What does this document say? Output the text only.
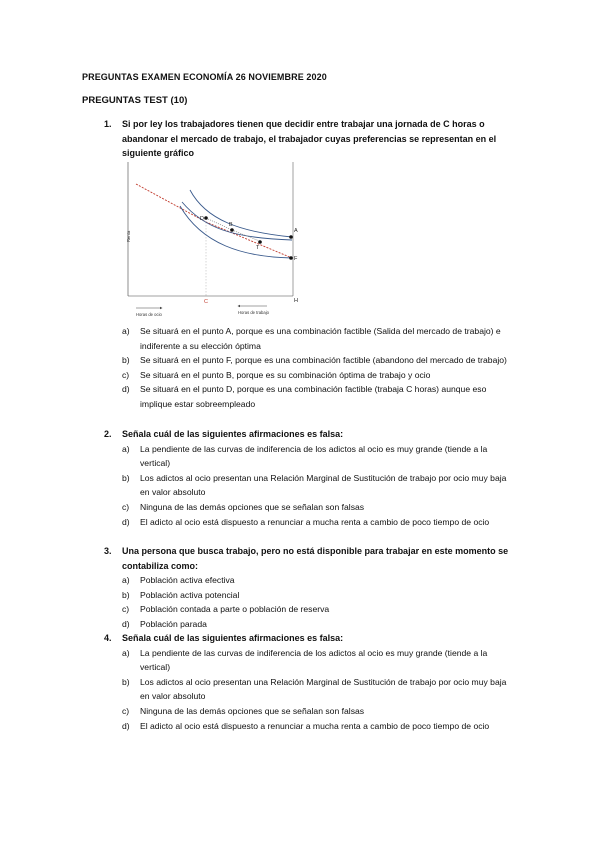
PREGUNTAS EXAMEN ECONOMÍA 26 NOVIEMBRE 2020
PREGUNTAS TEST (10)
1. Si por ley los trabajadores tienen que decidir entre trabajar una jornada de C horas o abandonar el mercado de trabajo, el trabajador cuyas preferencias se representan en el siguiente gráfico
Renta
D
B
T
A
F
C	H
Horas de ocio	Horas de trabajo
a) Se situará en el punto A, porque es una combinación factible (Salida del mercado de trabajo) e indiferente a su elección óptima
b) Se situará en el punto F, porque es una combinación factible (abandono del mercado de trabajo)
c) Se situará en el punto B, porque es su combinación óptima de trabajo y ocio
d) Se situará en el punto D, porque es una combinación factible (trabaja C horas) aunque eso implique estar sobreempleado
2. Señala cuál de las siguientes afirmaciones es falsa:
a) La pendiente de las curvas de indiferencia de los adictos al ocio es muy grande (tiende a la vertical)
b) Los adictos al ocio presentan una Relación Marginal de Sustitución de trabajo por ocio muy baja en valor absoluto
c) Ninguna de las demás opciones que se señalan son falsas
d) El adicto al ocio está dispuesto a renunciar a mucha renta a cambio de poco tiempo de ocio
3. Una persona que busca trabajo, pero no está disponible para trabajar en este momento se contabiliza como:
a) Población activa efectiva
b) Población activa potencial
c) Población contada a parte o población de reserva
d) Población parada
4. Señala cuál de las siguientes afirmaciones es falsa:
a) La pendiente de las curvas de indiferencia de los adictos al ocio es muy grande (tiende a la vertical)
b) Los adictos al ocio presentan una Relación Marginal de Sustitución de trabajo por ocio muy baja en valor absoluto
c) Ninguna de las demás opciones que se señalan son falsas
d) El adicto al ocio está dispuesto a renunciar a mucha renta a cambio de poco tiempo de ocio
